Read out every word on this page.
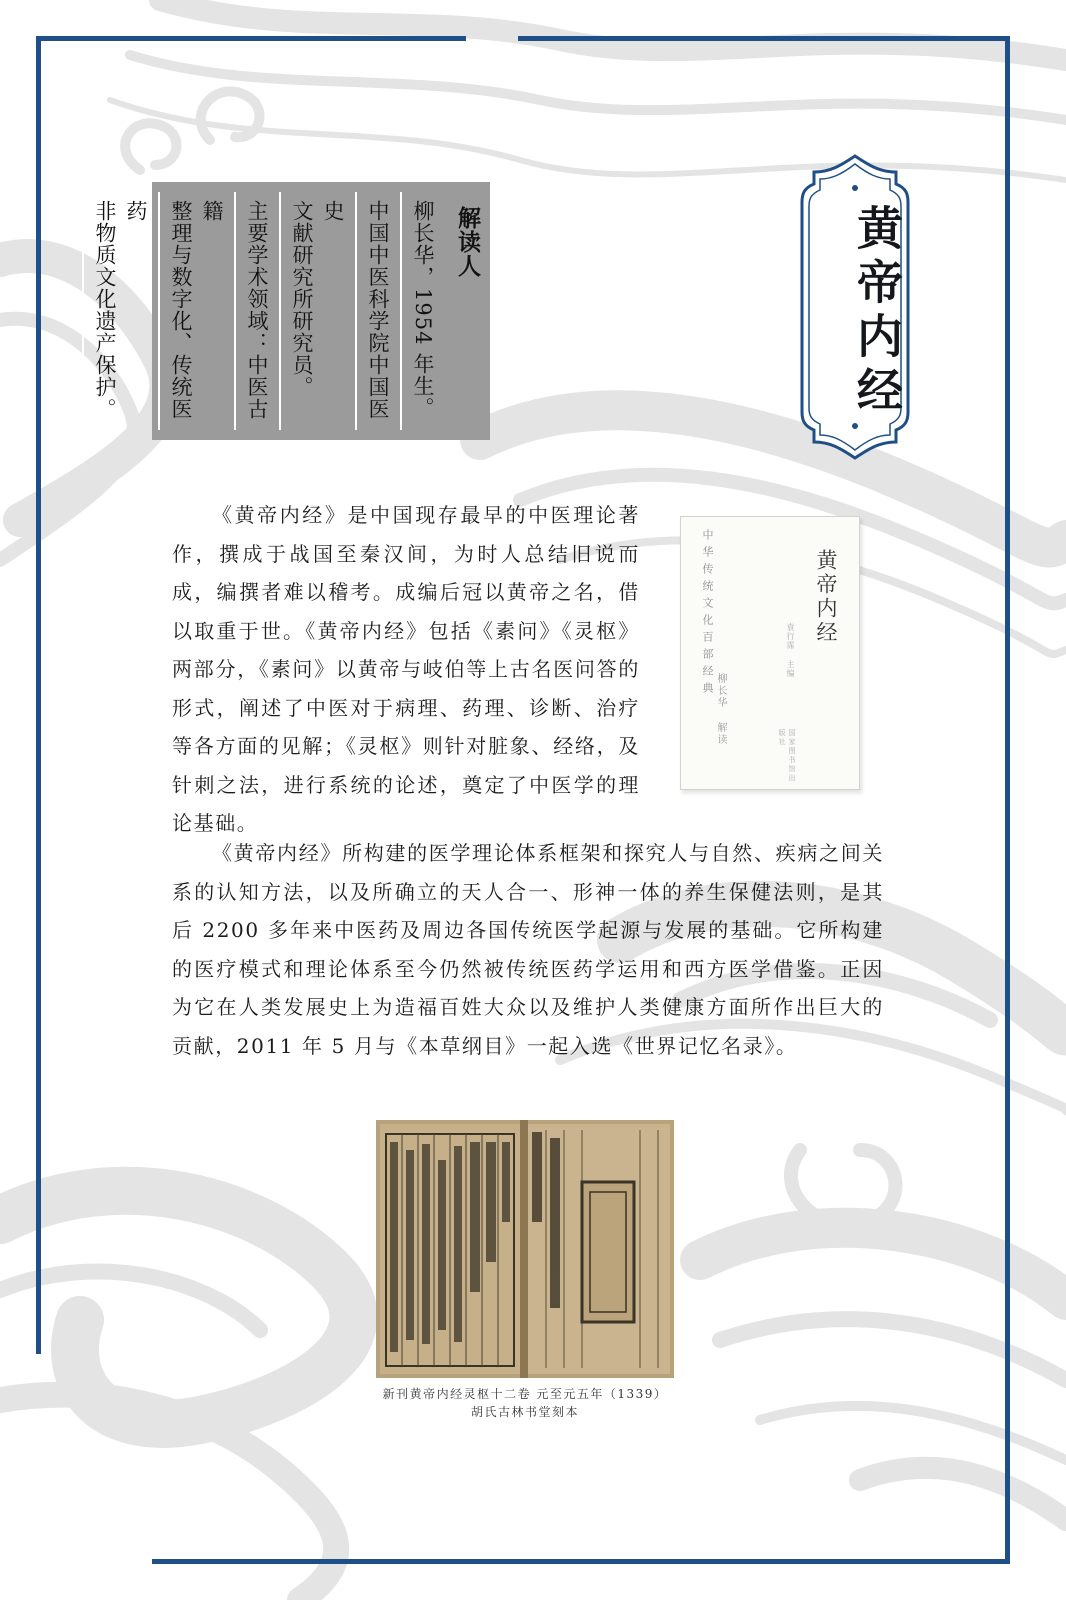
黄帝内经
解读人 柳长华，1954 年生。 中国中医科学院中国医史 文献研究所研究员。 主要学术领域：中医古籍 整理与数字化、传统医药 非物质文化遗产保护。
《黄帝内经》是中国现存最早的中医理论著作，撰成于战国至秦汉间，为时人总结旧说而成，编撰者难以稽考。成编后冠以黄帝之名，借以取重于世。《黄帝内经》包括《素问》《灵枢》两部分，《素问》以黄帝与岐伯等上古名医问答的形式，阐述了中医对于病理、药理、诊断、治疗等各方面的见解；《灵枢》则针对脏象、经络，及针刺之法，进行系统的论述，奠定了中医学的理论基础。
《黄帝内经》所构建的医学理论体系框架和探究人与自然、疾病之间关系的认知方法，以及所确立的天人合一、形神一体的养生保健法则，是其后 2200 多年来中医药及周边各国传统医学起源与发展的基础。它所构建的医疗模式和理论体系至今仍然被传统医药学运用和西方医学借鉴。正因为它在人类发展史上为造福百姓大众以及维护人类健康方面所作出巨大的贡献，2011 年 5 月与《本草纲目》一起入选《世界记忆名录》。
中华传统文化百部经典
柳长华 解读
袁行霈 主编
黄帝内经
国家图书馆出版社
新刊黄帝内经灵枢十二卷 元至元五年（1339）
胡氏古林书堂刻本
